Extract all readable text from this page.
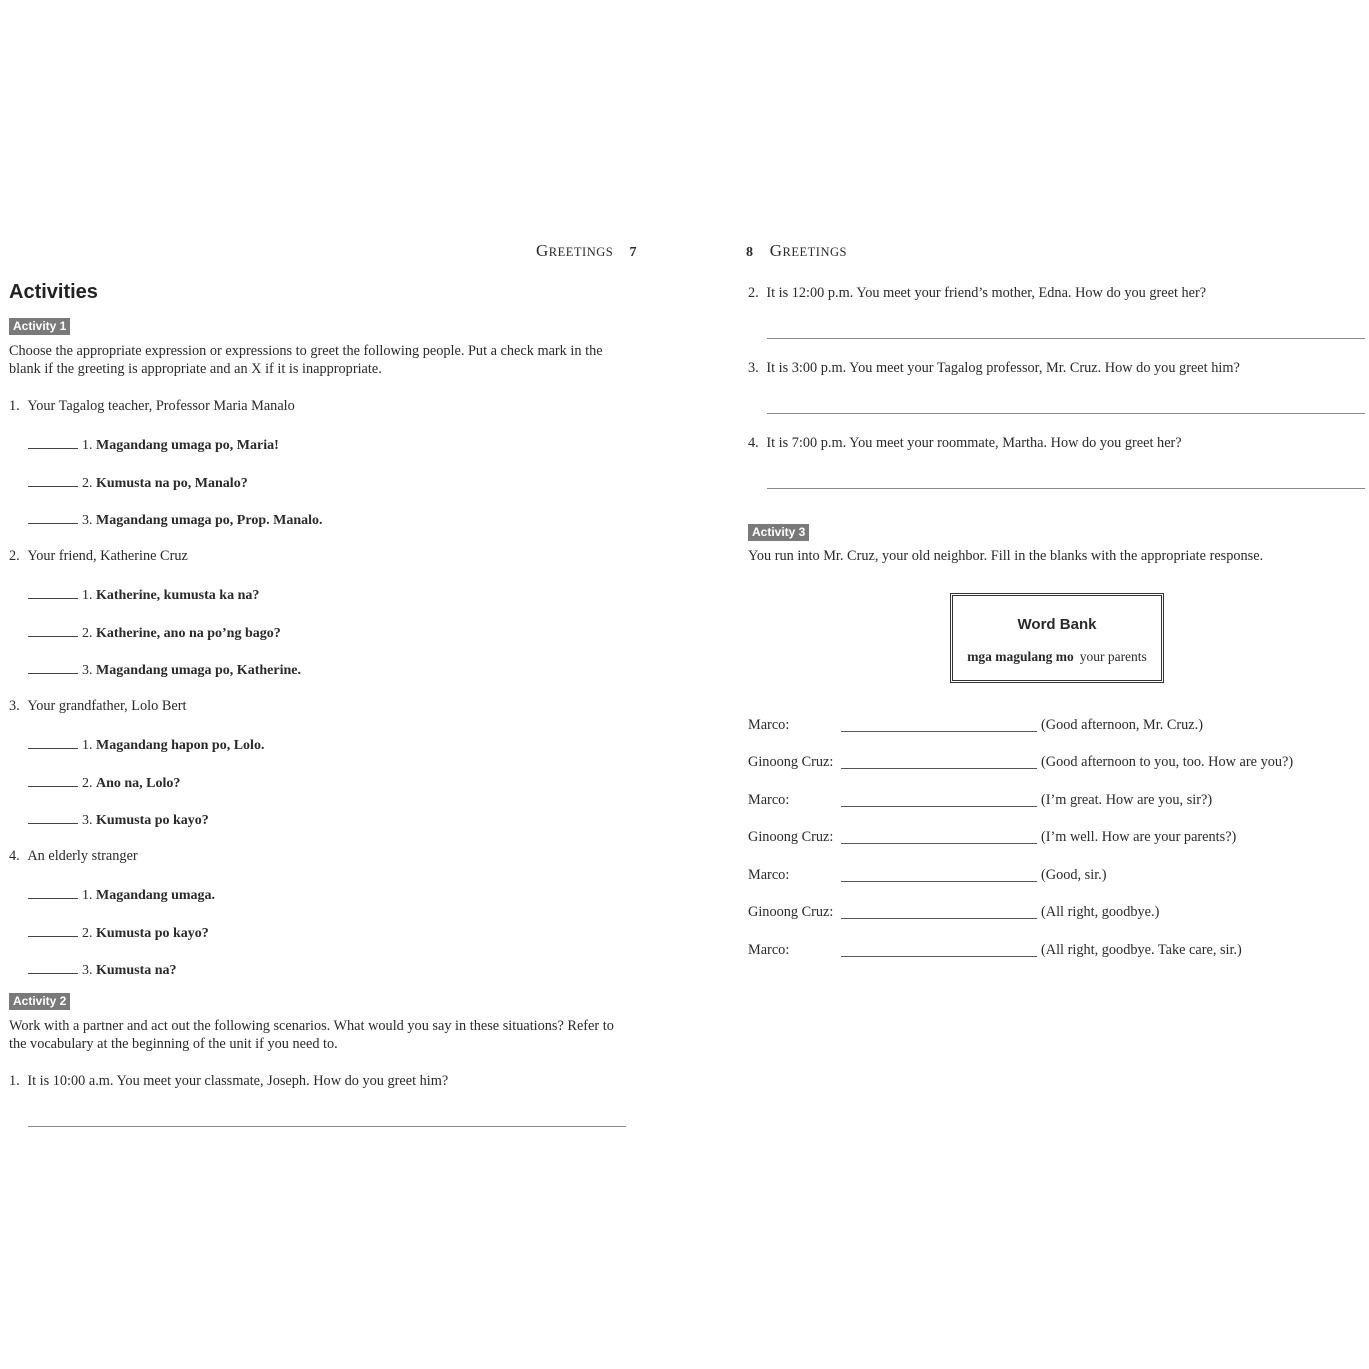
GREETINGS 7
Activities
Activity 1
Choose the appropriate expression or expressions to greet the following people. Put a check mark in the
blank if the greeting is appropriate and an X if it is inappropriate.
1. Your Tagalog teacher, Professor Maria Manalo
1. Magandang umaga po, Maria!
2. Kumusta na po, Manalo?
3. Magandang umaga po, Prop. Manalo.
2. Your friend, Katherine Cruz
1. Katherine, kumusta ka na?
2. Katherine, ano na po’ng bago?
3. Magandang umaga po, Katherine.
3. Your grandfather, Lolo Bert
1. Magandang hapon po, Lolo.
2. Ano na, Lolo?
3. Kumusta po kayo?
4. An elderly stranger
1. Magandang umaga.
2. Kumusta po kayo?
3. Kumusta na?
Activity 2
Work with a partner and act out the following scenarios. What would you say in these situations? Refer to
the vocabulary at the beginning of the unit if you need to.
1. It is 10:00 a.m. You meet your classmate, Joseph. How do you greet him?
8 GREETINGS
2. It is 12:00 p.m. You meet your friend’s mother, Edna. How do you greet her?
3. It is 3:00 p.m. You meet your Tagalog professor, Mr. Cruz. How do you greet him?
4. It is 7:00 p.m. You meet your roommate, Martha. How do you greet her?
Activity 3
You run into Mr. Cruz, your old neighbor. Fill in the blanks with the appropriate response.
Word Bank
mga magulang mo your parents
Marco:	(Good afternoon, Mr. Cruz.)
Ginoong Cruz:	(Good afternoon to you, too. How are you?)
Marco:	(I’m great. How are you, sir?)
Ginoong Cruz:	(I’m well. How are your parents?)
Marco:	(Good, sir.)
Ginoong Cruz:	(All right, goodbye.)
Marco:	(All right, goodbye. Take care, sir.)
